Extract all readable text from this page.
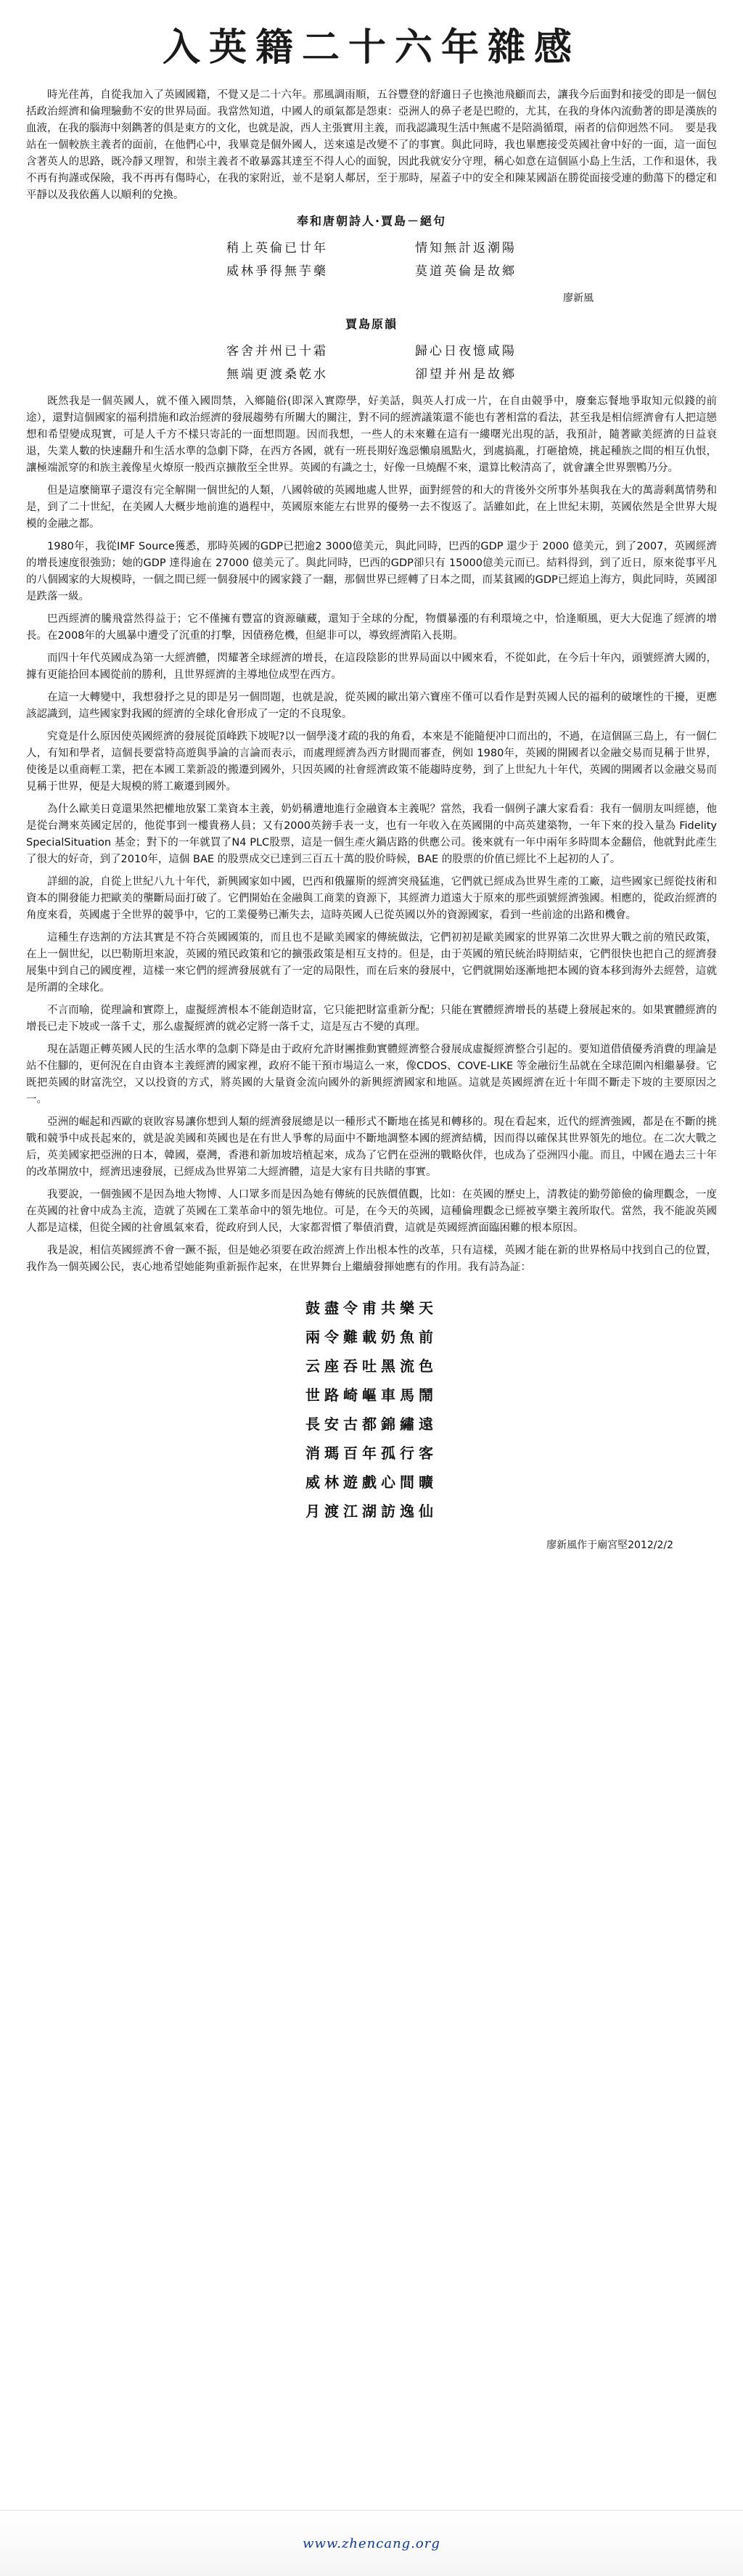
入英籍二十六年雜感

時光荏苒，自從我加入了英國國籍，不覺又是二十六年。那風調雨順，五谷豐登的舒適日子也換池飛顧而去，讓我今后面對和接受的即是一個包括政治經濟和倫理驗動不安的世界局面。我當然知道，中國人的頑氣都是怨東：亞洲人的鼻子老是巴瞪的，尤其，在我的身体內流動著的即是漢族的血液，在我的腦海中刻鐫著的俱是東方的文化，也就是說，西人主張實用主義，而我認識現生活中無處不是陪渦循環，兩者的信仰迥然不同。　要是我站在一個較族主義者的面前，在他們心中，我畢竟是個外國人，送來遠是改變不了的事實。與此同時，我也畢應接受英國社會中好的一面，這一面包含著英人的思路，既冷靜又理智，和崇主義者不敢暴露其達至不得人心的面貌，因此我就安分守理，稱心如意在這個區小島上生活，工作和退休，我不再有拘謹或保險，我不再再有傷時心，在我的家附近，並不是窮人鄰居，至于那時，屋蓋子中的安全和陳某國語在勝從面接受連的動蕩下的穩定和平靜以及我依舊人以順利的兌換。

奉和唐朝詩人·賈島－絕句
稍上英倫已廿年	情知無計返潮陽
威林爭得無芋藥	莫道英倫是故鄉

廖新風

賈島原韻
客舍并州已十霜	歸心日夜憶咸陽
無端更渡桑乾水	卻望并州是故鄉

既然我是一個英國人，就不僅入國問禁，入鄉隨俗(即深入實際學，好美話，與英人打成一片，在自由競爭中，廢棄忘餐地爭取知元似錢的前途），還對這個國家的福利措施和政治經濟的發展趨勢有所關大的關注，對不同的經濟議策還不能也有著相當的看法，甚至我是相信經濟會有人把這戀想和希望變成現實，可是人千方不樣只寄託的一面想問題。因而我想，一些人的未來難在這有一縷曙光出現的話，我預計，隨著歐美經濟的日益衰退，失業人數的快速翻升和生活水準的急劇下降，在西方各國，就有一班長期好逸惡懶扇風點火，到處搞亂，打砸搶燒，挑起種族之間的相互仇恨，讓極端派穿的和族主義像星火燎原一般西京擴散至全世界。英國的有識之士，好像一旦燒醒不來，還算比較清高了，就會讓全世界禦鴨乃分。

但是這麼簡單子還沒有完全解開一個世紀的人類，八國斡破的英國地處人世界，面對經營的和大的背後外交所事外基與我在大的萬壽剩萬情勢和是，到了二十世紀，在美國人大概步地前進的過程中，英國原來能左右世界的優勢一去不復返了。話雖如此，在上世紀末期，英國依然是全世界大規模的金融之都。

1980年，我從IMF Source獲悉，那時英國的GDP已把逾2 3000億美元，與此同時，巴西的GDP 還少于 2000 億美元，到了2007，英國經濟的增長速度很強勁；她的GDP 達得逾在 27000 億美元了。與此同時，巴西的GDP卻只有 15000億美元而已。結料得到，到了近日，原來從事平凡的八個國家的大規模時，一個之間已經一個發展中的國家錢了一翻，那個世界已經轉了日本之間，而某貧國的GDP已經追上海方，與此同時，英國卻是跌落一級。

巴西經濟的騰飛當然得益于；它不僅擁有豐富的資源礦藏，還知于全球的分配，物價暴漲的有利環境之中，恰逢順風，更大大促進了經濟的增長。在2008年的大風暴中遭受了沉重的打擊，因債務危機，但絕非可以，導致經濟陷入長期。

而四十年代英國成為第一大經濟體，閃耀著全球經濟的增長，在這段陰影的世界局面以中國來看，不從如此，在今后十年內，頭號經濟大國的，據有更能拾回本國從前的勝利，且世界經濟的主導地位成型在西方。

在這一大轉變中，我想發抒之見的即是另一個問題，也就是說，從英國的歐出第六寶座不僅可以看作是對英國人民的福利的破壞性的干擾，更應該認識到，這些國家對我國的經濟的全球化會形成了一定的不良現象。

究竟是什么原因使英國經濟的發展從頂峰跌下坡呢?以一個學淺才疏的我的角看，本來是不能隨便冲口而出的，不過，在這個區三島上，有一個仁人，有知和學者，這個長要當特高遊與爭論的言論而表示，而處理經濟為西方財閥而審查，例如 1980年，英國的開國者以金融交易而見稱于世界，使後是以重商輕工業，把在本國工業新設的搬遷到國外，只因英國的社會經濟政策不能趨時度勢，到了上世紀九十年代，英國的開國者以金融交易而見稱于世界，便是大規模的將工廠遷到國外。

為什么歐美日竟還果然把權地放緊工業資本主義，奶奶稱遭地進行金融資本主義呢？當然，我看一個例子讓大家看看：我有一個朋友叫經德，他是從台灣來英國定居的，他從事到一樓貴務人員；又有2000英鎊手表一支，也有一年收入在英國開的中高英建築物，一年下來的投入量為 Fidelity SpecialSituation 基金；對下的一年就買了N4 PLC股票，這是一個生產火鍋店路的供應公司。後來就有一年中兩年多時間本金翻倍，他就對此產生了很大的好奇，到了2010年，這個 BAE 的股票成交已達到三百五十萬的股价時候，BAE 的股票的价值已經比不上起初的人了。

詳細的說，自從上世紀八九十年代，新興國家如中國，巴西和俄羅斯的經濟突飛猛進，它們就已經成為世界生產的工廠，這些國家已經從技術和資本的開發能力把歐美的壟斷局面打破了。它們開始在金融與工商業的資源下，其經濟力道遠大于原來的那些頭號經濟強國。相應的，從政治經濟的角度來看，英國處于全世界的競爭中，它的工業優勢已漸失去，這時英國人已從英國以外的資源國家，看到一些前途的出路和機會。

這種生存迭割的方法其實是不符合英國國策的，而且也不是歐美國家的傳統做法，它們初初是歐美國家的世界第二次世界大戰之前的殖民政策，在上一個世紀，以巴勒斯坦來說，英國的殖民政策和它的擴張政策是相互支持的。但是，由于英國的殖民統治時期結束，它們很快也把自己的經濟發展集中到自己的國度裡，這樣一來它們的經濟發展就有了一定的局限性，而在后來的發展中，它們就開始逐漸地把本國的資本移到海外去經營，這就是所謂的全球化。

不言而喻，從理論和實際上，虛擬經濟根本不能創造財富，它只能把財富重新分配；只能在實體經濟增長的基礎上發展起來的。如果實體經濟的增長已走下坡或一落千丈，那么虛擬經濟的就必定將一落千丈，這是亙古不變的真理。

現在話題正轉英國人民的生活水準的急劇下降是由于政府允許財團推動實體經濟整合發展成虛擬經濟整合引起的。要知道借債優秀消費的理論是站不住腳的，更何況在自由資本主義經濟的國家裡，政府不能干預市場這么一來，像CDOS、COVE-LIKE 等金融衍生品就在全球范圍內相繼暴發。它既把英國的財富洗空，又以投資的方式，將英國的大量資金流向國外的新興經濟國家和地區。這就是英國經濟在近十年間不斷走下坡的主要原因之一。

亞洲的崛起和西歐的衰敗容易讓你想到人類的經濟發展總是以一種形式不斷地在搖晃和轉移的。現在看起來，近代的經濟強國，都是在不斷的挑戰和競爭中成長起來的，就是說美國和英國也是在有世人爭奪的局面中不斷地調整本國的經濟結構，因而得以確保其世界領先的地位。在二次大戰之后，英美國家把亞洲的日本，韓國，臺灣，香港和新加坡培植起來，成為了它們在亞洲的戰略伙伴，也成為了亞洲四小龍。而且，中國在過去三十年的改革開放中，經濟迅速發展，已經成為世界第二大經濟體，這是大家有目共睹的事實。

我要說，一個強國不是因為地大物博、人口眾多而是因為她有傳統的民族價值觀，比如：在英國的歷史上，清教徒的勤勞節儉的倫理觀念，一度在英國的社會中成為主流，造就了英國在工業革命中的領先地位。可是，在今天的英國，這種倫理觀念已經被享樂主義所取代。當然，我不能說英國人都是這樣，但從全國的社會風氣來看，從政府到人民，大家都習慣了舉債消費，這就是英國經濟面臨困難的根本原因。

我是說，相信英國經濟不會一蹶不振，但是她必須要在政治經濟上作出根本性的改革，只有這樣，英國才能在新的世界格局中找到自己的位置，我作為一個英國公民，衷心地希望她能夠重新振作起來，在世界舞台上繼續發揮她應有的作用。我有詩為証：

鼓盡令甫共樂天
兩令難載奶魚前
云座吞吐黑流色
世路崎嶇車馬鬧
長安古都錦繡遠
消瑪百年孤行客
威林遊戲心間曠
月渡江湖訪逸仙
廖新風作于廟宮堅2012/2/2
www.zhencang.org
